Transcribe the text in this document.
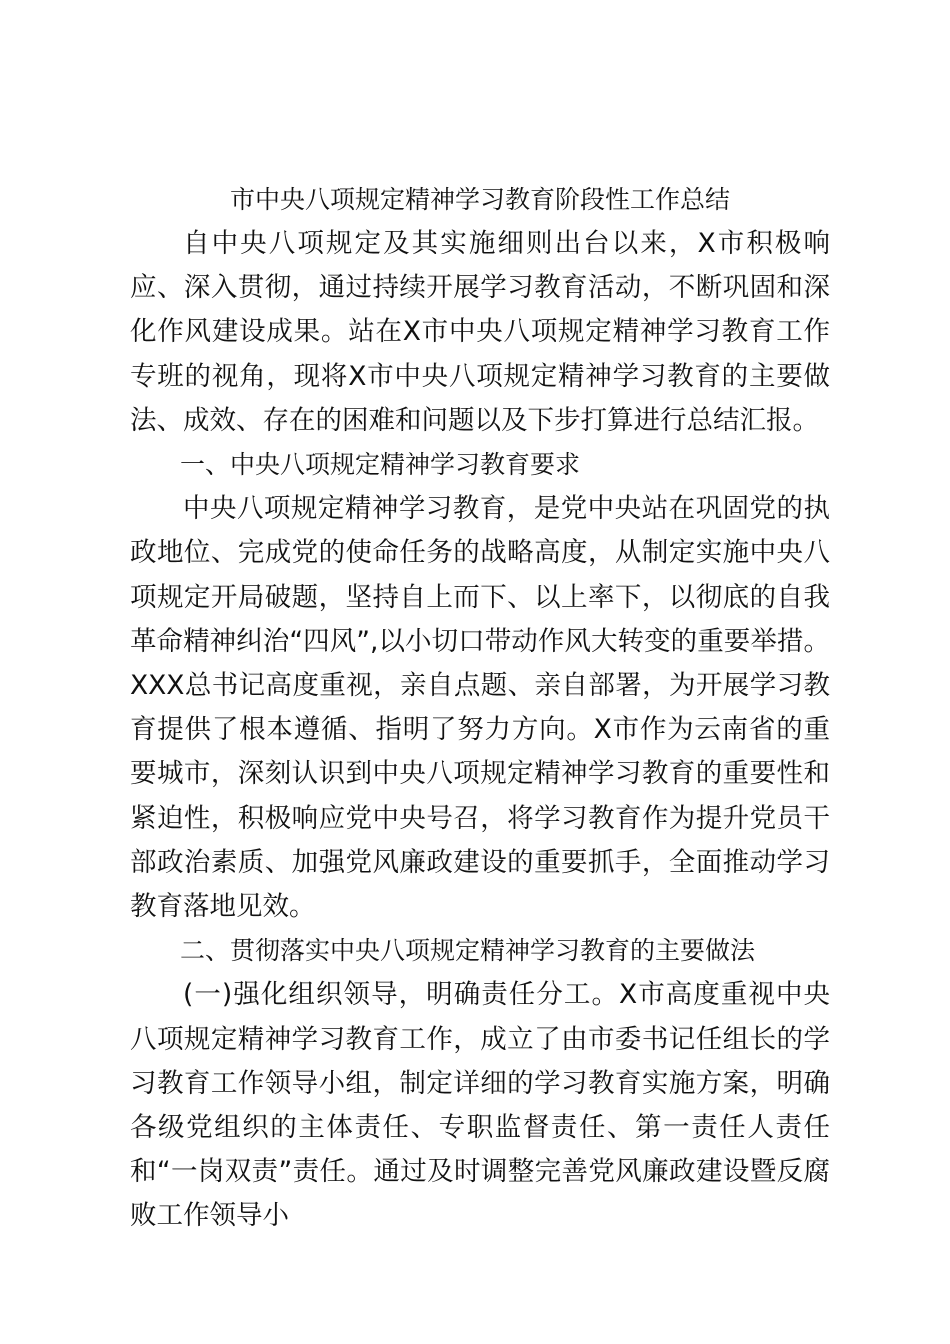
市中央八项规定精神学习教育阶段性工作总结

自中央八项规定及其实施细则出台以来，X市积极响应、深入贯彻，通过持续开展学习教育活动，不断巩固和深化作风建设成果。站在X市中央八项规定精神学习教育工作专班的视角，现将X市中央八项规定精神学习教育的主要做法、成效、存在的困难和问题以及下步打算进行总结汇报。

一、中央八项规定精神学习教育要求

中央八项规定精神学习教育，是党中央站在巩固党的执政地位、完成党的使命任务的战略高度，从制定实施中央八项规定开局破题，坚持自上而下、以上率下，以彻底的自我革命精神纠治“四风”,以小切口带动作风大转变的重要举措。XXX总书记高度重视，亲自点题、亲自部署，为开展学习教育提供了根本遵循、指明了努力方向。X市作为云南省的重要城市，深刻认识到中央八项规定精神学习教育的重要性和紧迫性，积极响应党中央号召，将学习教育作为提升党员干部政治素质、加强党风廉政建设的重要抓手，全面推动学习教育落地见效。

二、贯彻落实中央八项规定精神学习教育的主要做法

(一)强化组织领导，明确责任分工。X市高度重视中央八项规定精神学习教育工作，成立了由市委书记任组长的学习教育工作领导小组，制定详细的学习教育实施方案，明确各级党组织的主体责任、专职监督责任、第一责任人责任和“一岗双责”责任。通过及时调整完善党风廉政建设暨反腐败工作领导小
